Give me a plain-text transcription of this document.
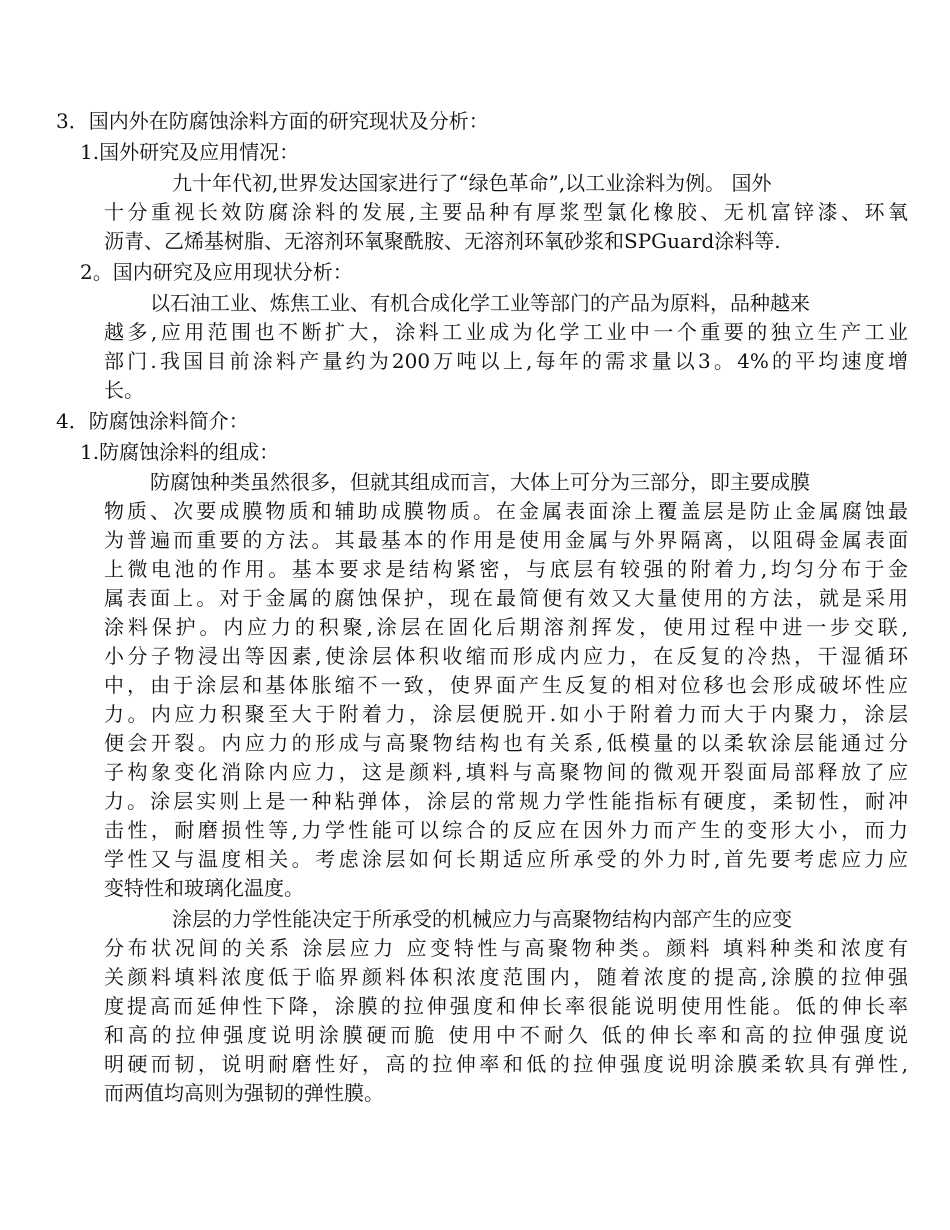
3．国内外在防腐蚀涂料方面的研究现状及分析：
1.国外研究及应用情况：
九十年代初,世界发达国家进行了“绿色革命”,以工业涂料为例。 国外
十分重视长效防腐涂料的发展,主要品种有厚浆型氯化橡胶、无机富锌漆、环氧
沥青、乙烯基树脂、无溶剂环氧聚酰胺、无溶剂环氧砂浆和SPGuard涂料等.
2。国内研究及应用现状分析：
以石油工业、炼焦工业、有机合成化学工业等部门的产品为原料，品种越来
越多,应用范围也不断扩大，涂料工业成为化学工业中一个重要的独立生产工业
部门.我国目前涂料产量约为200万吨以上,每年的需求量以3。4%的平均速度增
长。
4．防腐蚀涂料简介：
1.防腐蚀涂料的组成：
防腐蚀种类虽然很多，但就其组成而言，大体上可分为三部分，即主要成膜
物质、次要成膜物质和辅助成膜物质。在金属表面涂上覆盖层是防止金属腐蚀最
为普遍而重要的方法。其最基本的作用是使用金属与外界隔离，以阻碍金属表面
上微电池的作用。基本要求是结构紧密，与底层有较强的附着力,均匀分布于金
属表面上。对于金属的腐蚀保护，现在最简便有效又大量使用的方法，就是采用
涂料保护。内应力的积聚,涂层在固化后期溶剂挥发，使用过程中进一步交联,
小分子物浸出等因素,使涂层体积收缩而形成内应力，在反复的冷热，干湿循环
中，由于涂层和基体胀缩不一致，使界面产生反复的相对位移也会形成破坏性应
力。内应力积聚至大于附着力，涂层便脱开.如小于附着力而大于内聚力，涂层
便会开裂。内应力的形成与高聚物结构也有关系,低模量的以柔软涂层能通过分
子构象变化消除内应力，这是颜料,填料与高聚物间的微观开裂面局部释放了应
力。涂层实则上是一种粘弹体，涂层的常规力学性能指标有硬度，柔韧性，耐冲
击性，耐磨损性等,力学性能可以综合的反应在因外力而产生的变形大小，而力
学性又与温度相关。考虑涂层如何长期适应所承受的外力时,首先要考虑应力应
变特性和玻璃化温度。
涂层的力学性能决定于所承受的机械应力与高聚物结构内部产生的应变
分布状况间的关系 涂层应力 应变特性与高聚物种类。颜料 填料种类和浓度有
关颜料填料浓度低于临界颜料体积浓度范围内，随着浓度的提高,涂膜的拉伸强
度提高而延伸性下降，涂膜的拉伸强度和伸长率很能说明使用性能。低的伸长率
和高的拉伸强度说明涂膜硬而脆 使用中不耐久 低的伸长率和高的拉伸强度说
明硬而韧，说明耐磨性好，高的拉伸率和低的拉伸强度说明涂膜柔软具有弹性,
而两值均高则为强韧的弹性膜。
